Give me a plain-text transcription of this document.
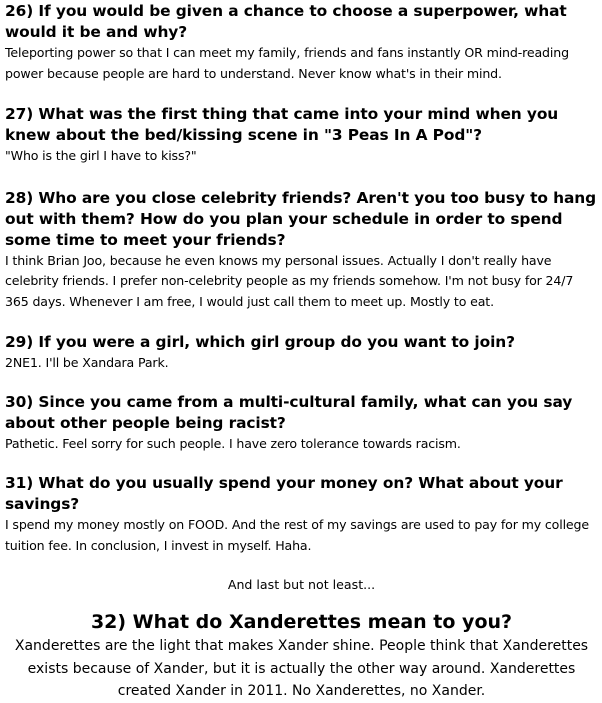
26) If you would be given a chance to choose a superpower, what would it be and why?

Teleporting power so that I can meet my family, friends and fans instantly OR mind-reading power because people are hard to understand. Never know what's in their mind.

27) What was the first thing that came into your mind when you knew about the bed/kissing scene in "3 Peas In A Pod"?

"Who is the girl I have to kiss?"

28) Who are you close celebrity friends? Aren't you too busy to hang out with them? How do you plan your schedule in order to spend some time to meet your friends?

I think Brian Joo, because he even knows my personal issues. Actually I don't really have celebrity friends. I prefer non-celebrity people as my friends somehow. I'm not busy for 24/7 365 days. Whenever I am free, I would just call them to meet up. Mostly to eat.

29) If you were a girl, which girl group do you want to join?

2NE1. I'll be Xandara Park.

30) Since you came from a multi-cultural family, what can you say about other people being racist?

Pathetic. Feel sorry for such people. I have zero tolerance towards racism.

31) What do you usually spend your money on? What about your savings?

I spend my money mostly on FOOD. And the rest of my savings are used to pay for my college tuition fee. In conclusion, I invest in myself. Haha.

And last but not least...

32) What do Xanderettes mean to you?

Xanderettes are the light that makes Xander shine. People think that Xanderettes exists because of Xander, but it is actually the other way around. Xanderettes created Xander in 2011. No Xanderettes, no Xander.
